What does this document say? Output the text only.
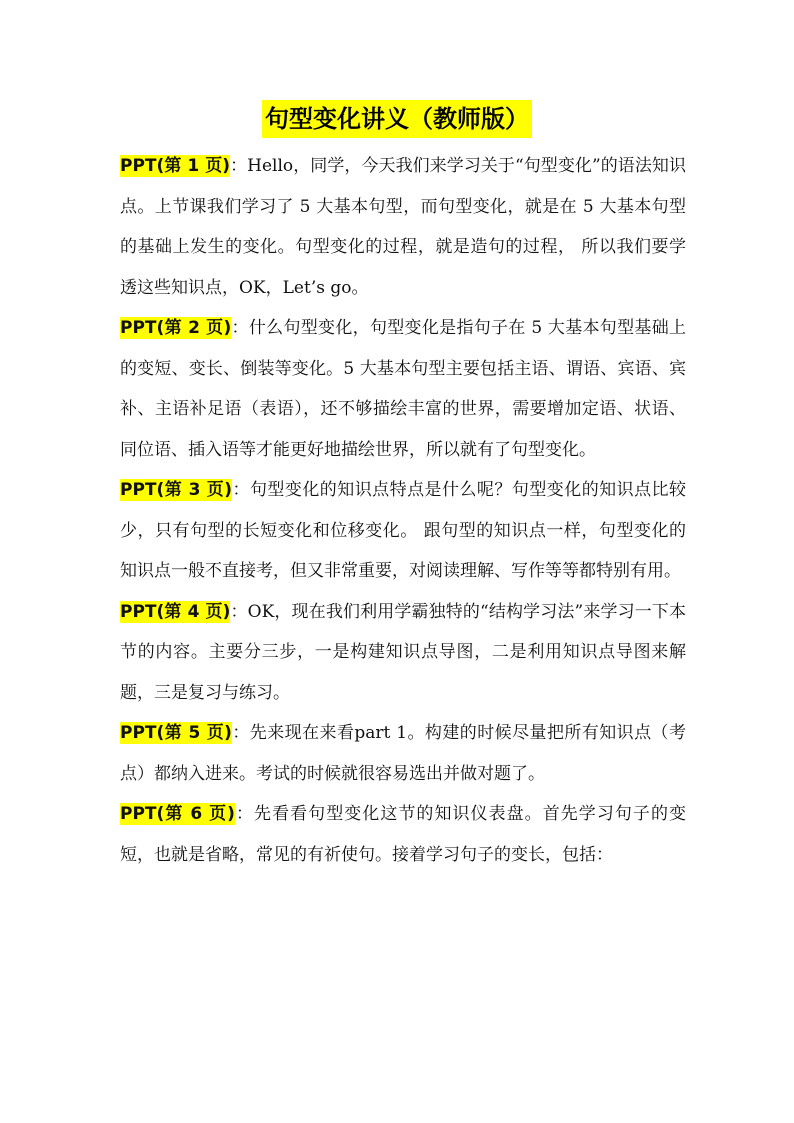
句型变化讲义（教师版）

PPT(第 1 页)：Hello，同学，今天我们来学习关于“句型变化”的语法知识点。上节课我们学习了 5 大基本句型，而句型变化，就是在 5 大基本句型的基础上发生的变化。句型变化的过程，就是造句的过程， 所以我们要学透这些知识点，OK，Let’s go。

PPT(第 2 页)：什么句型变化，句型变化是指句子在 5 大基本句型基础上的变短、变长、倒装等变化。5 大基本句型主要包括主语、谓语、宾语、宾补、主语补足语（表语），还不够描绘丰富的世界，需要增加定语、状语、同位语、插入语等才能更好地描绘世界，所以就有了句型变化。

PPT(第 3 页)：句型变化的知识点特点是什么呢？句型变化的知识点比较少，只有句型的长短变化和位移变化。 跟句型的知识点一样，句型变化的知识点一般不直接考，但又非常重要，对阅读理解、写作等等都特别有用。

PPT(第 4 页)：OK，现在我们利用学霸独特的“结构学习法”来学习一下本节的内容。主要分三步，一是构建知识点导图，二是利用知识点导图来解题，三是复习与练习。

PPT(第 5 页)：先来现在来看part 1。构建的时候尽量把所有知识点（考点）都纳入进来。考试的时候就很容易选出并做对题了。

PPT(第 6 页)：先看看句型变化这节的知识仪表盘。首先学习句子的变短，也就是省略，常见的有祈使句。接着学习句子的变长，包括：
